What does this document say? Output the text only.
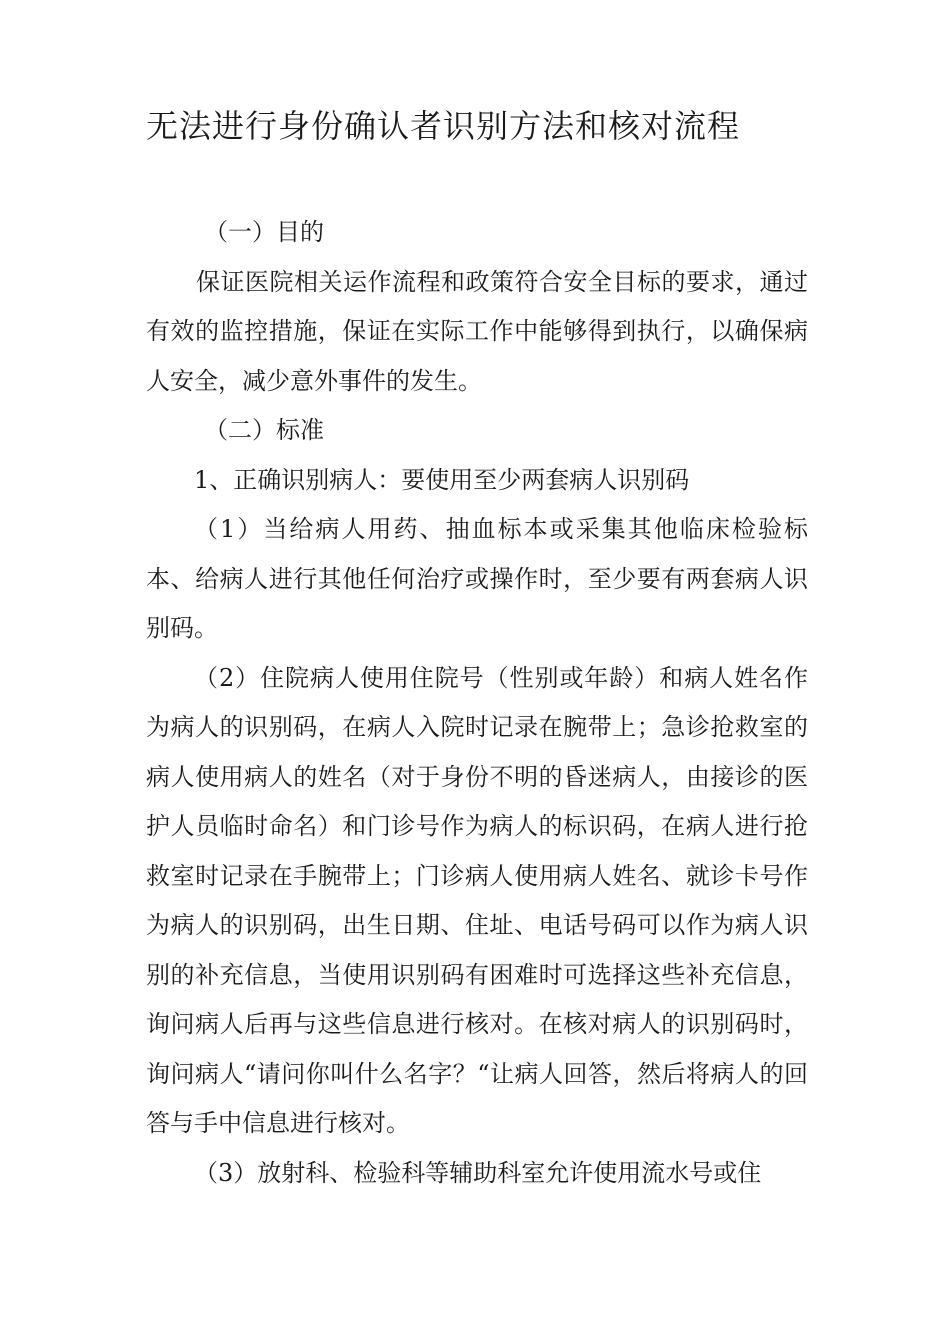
无法进行身份确认者识别方法和核对流程

（一）目的

保证医院相关运作流程和政策符合安全目标的要求，通过有效的监控措施，保证在实际工作中能够得到执行，以确保病人安全，减少意外事件的发生。

（二）标准

1、正确识别病人：要使用至少两套病人识别码

（1）当给病人用药、抽血标本或采集其他临床检验标本、给病人进行其他任何治疗或操作时，至少要有两套病人识别码。

（2）住院病人使用住院号（性别或年龄）和病人姓名作为病人的识别码，在病人入院时记录在腕带上；急诊抢救室的病人使用病人的姓名（对于身份不明的昏迷病人，由接诊的医护人员临时命名）和门诊号作为病人的标识码，在病人进行抢救室时记录在手腕带上；门诊病人使用病人姓名、就诊卡号作为病人的识别码，出生日期、住址、电话号码可以作为病人识别的补充信息，当使用识别码有困难时可选择这些补充信息，询问病人后再与这些信息进行核对。在核对病人的识别码时，询问病人“请问你叫什么名字？“让病人回答，然后将病人的回答与手中信息进行核对。

（3）放射科、检验科等辅助科室允许使用流水号或住
